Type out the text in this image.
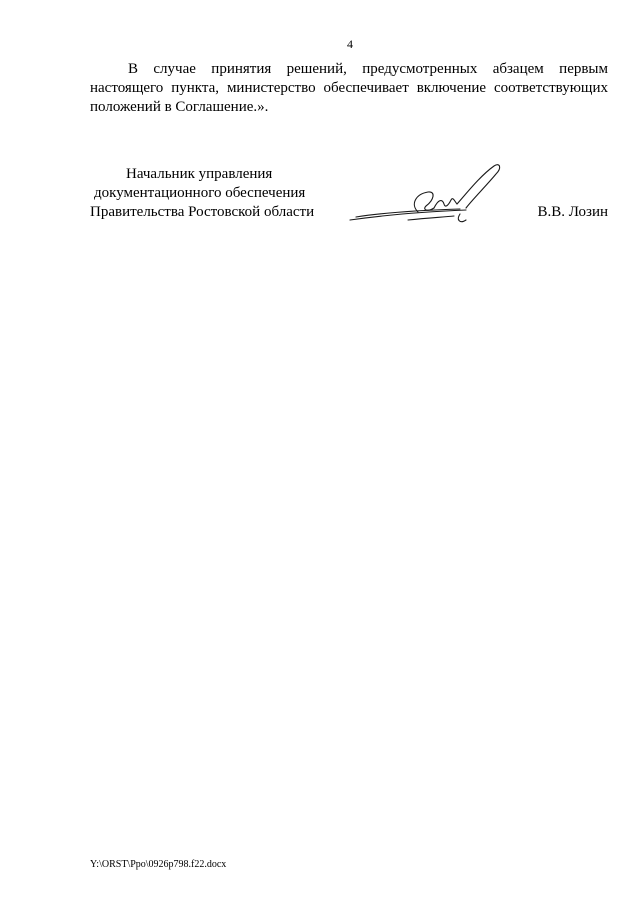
4
В случае принятия решений, предусмотренных абзацем первым
настоящего пункта, министерство обеспечивает включение соответствующих
положений в Соглашение.».
Начальник управления
документационного обеспечения
Правительства Ростовской области	В.В. Лозин
Y:\ORST\Ppo\0926p798.f22.docx
